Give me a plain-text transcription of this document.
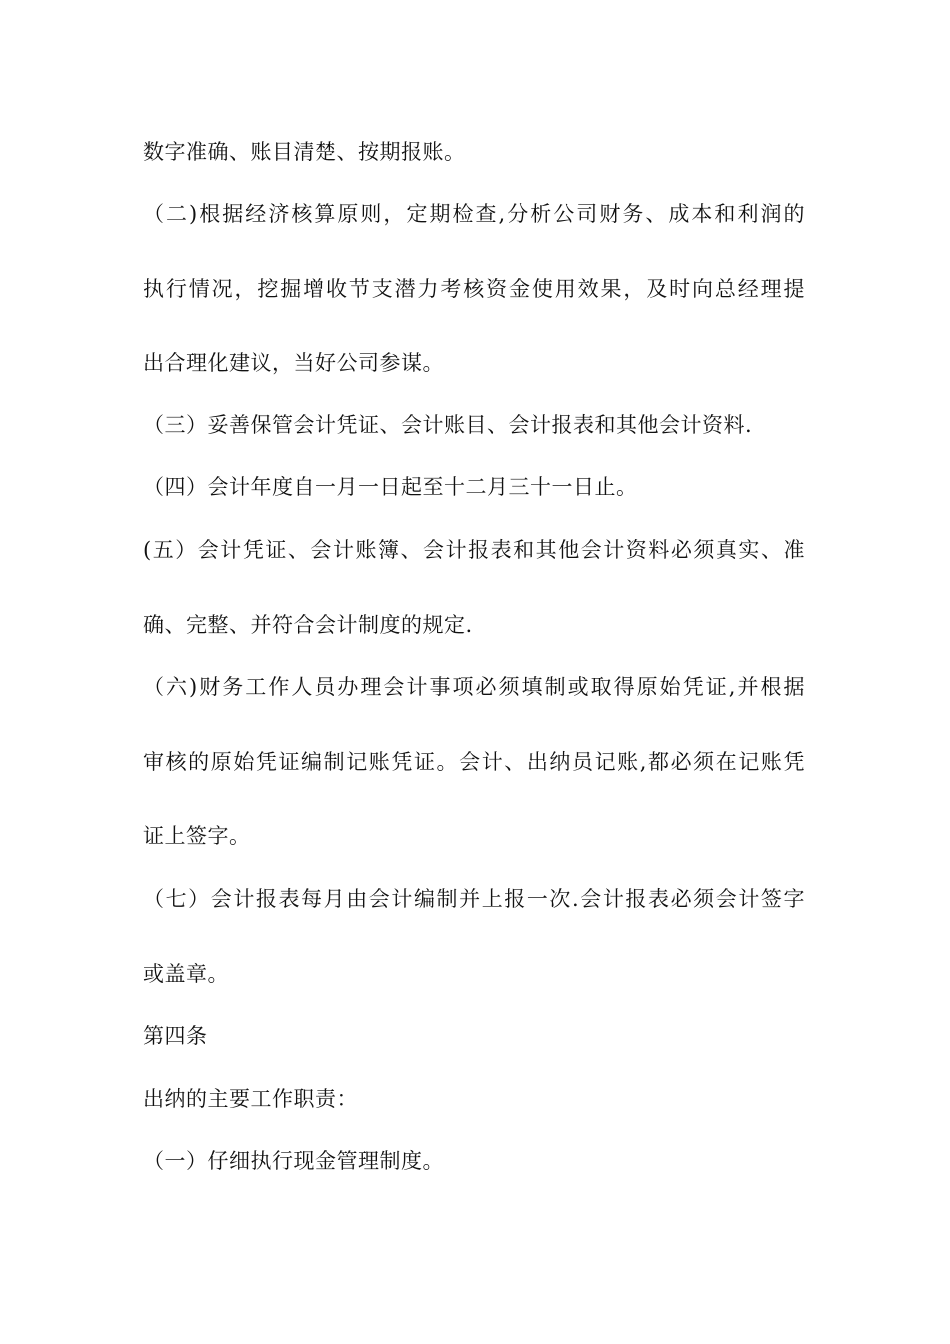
数字准确、账目清楚、按期报账。
（二)根据经济核算原则，定期检查,分析公司财务、成本和利润的
执行情况，挖掘增收节支潜力考核资金使用效果，及时向总经理提
出合理化建议，当好公司参谋。
（三）妥善保管会计凭证、会计账目、会计报表和其他会计资料.
（四）会计年度自一月一日起至十二月三十一日止。
(五）会计凭证、会计账簿、会计报表和其他会计资料必须真实、准
确、完整、并符合会计制度的规定.
（六)财务工作人员办理会计事项必须填制或取得原始凭证,并根据
审核的原始凭证编制记账凭证。会计、出纳员记账,都必须在记账凭
证上签字。
（七）会计报表每月由会计编制并上报一次.会计报表必须会计签字
或盖章。
第四条
出纳的主要工作职责：
（一）仔细执行现金管理制度。
